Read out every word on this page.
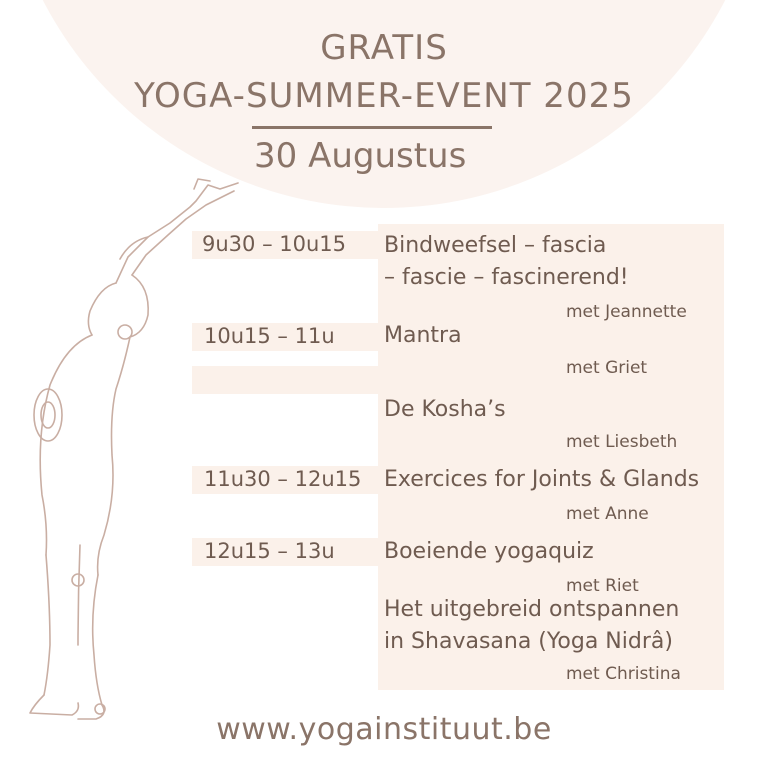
GRATIS
YOGA-SUMMER-EVENT 2025
30 Augustus
9u30 – 10u15 Bindweefsel – fascia
– fascie – fascinerend!
met Jeannette
10u15 – 11u Mantra
met Griet
De Kosha’s
met Liesbeth
11u30 – 12u15 Exercices for Joints & Glands
met Anne
12u15 – 13u Boeiende yogaquiz
met Riet
Het uitgebreid ontspannen
in Shavasana (Yoga Nidrâ)
met Christina
www.yogainstituut.be
